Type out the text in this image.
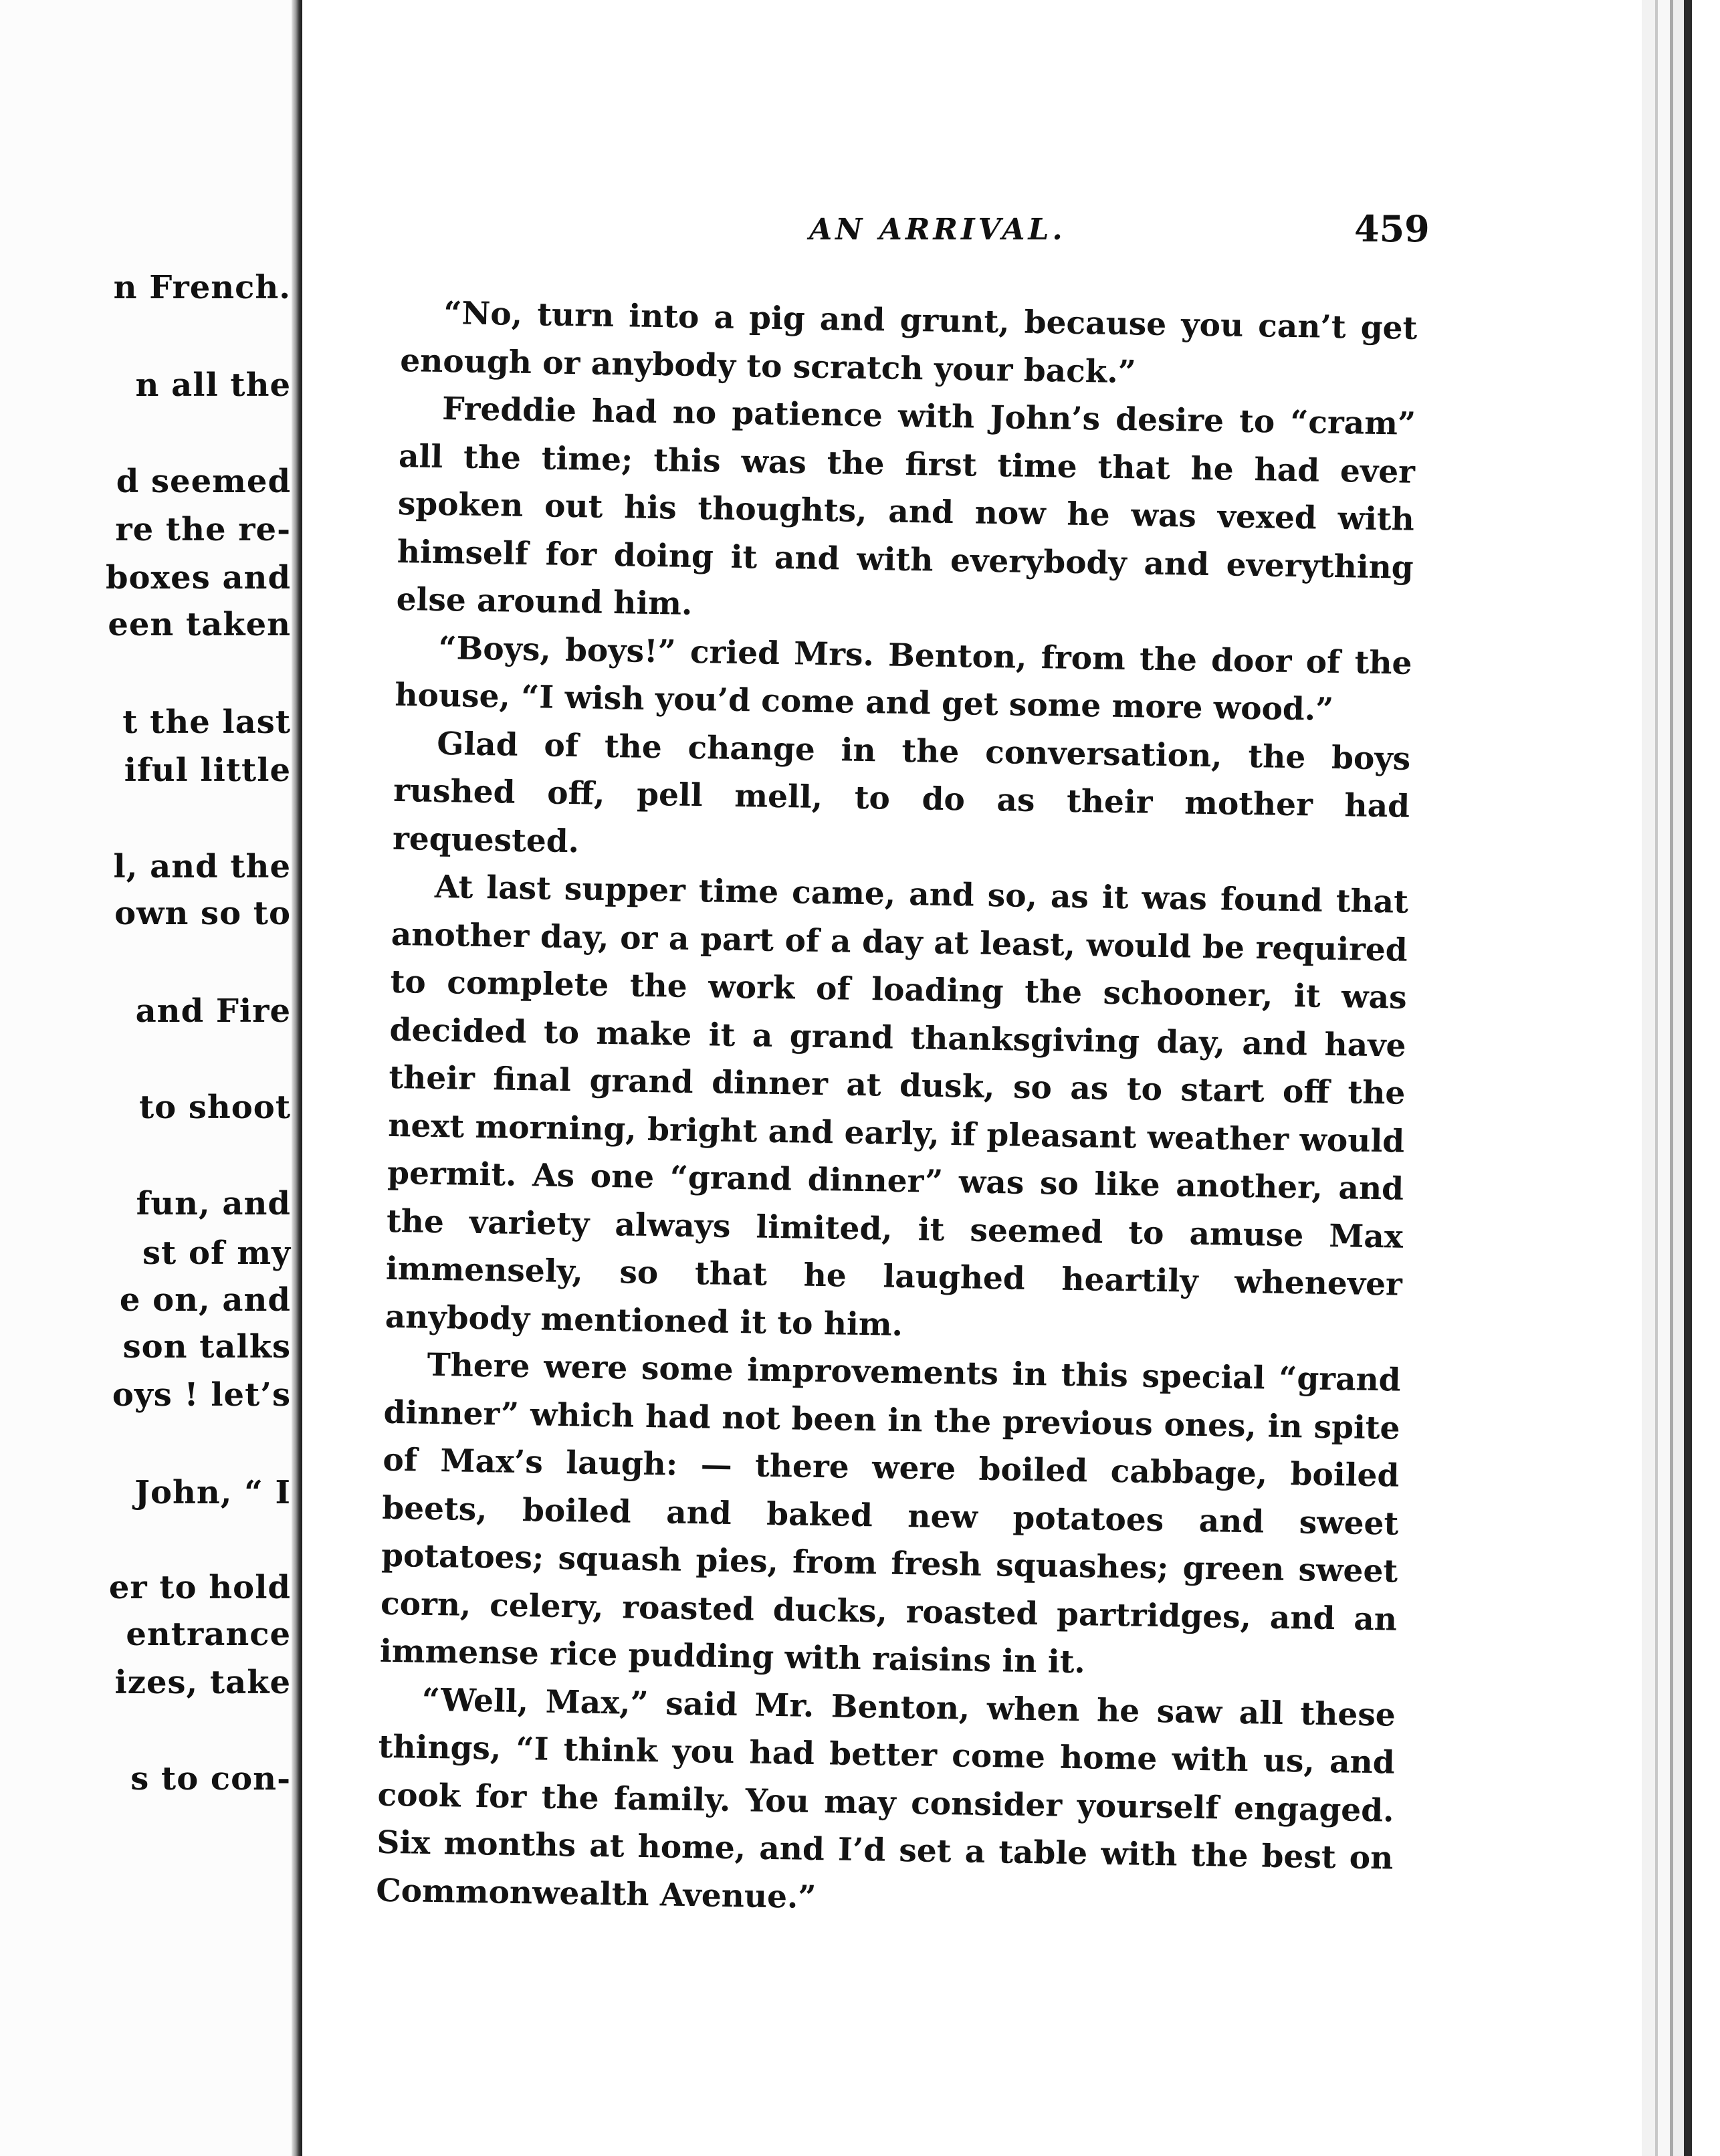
n French.
n all the
d seemed
re the re-
boxes and
een taken
t the last
iful little
l, and the
own so to
and Fire
to shoot
fun, and
st of my
e on, and
son talks
oys ! let’s
John, “ I
er to hold
entrance
izes, take
s to con-
AN ARRIVAL.	459

“No, turn into a pig and grunt, because you can’t get enough or anybody to scratch your back.”

Freddie had no patience with John’s desire to “cram” all the time; this was the first time that he had ever spoken out his thoughts, and now he was vexed with himself for doing it and with everybody and everything else around him.

“Boys, boys!” cried Mrs. Benton, from the door of the house, “I wish you’d come and get some more wood.”

Glad of the change in the conversation, the boys rushed off, pell mell, to do as their mother had requested.

At last supper time came, and so, as it was found that another day, or a part of a day at least, would be required to complete the work of loading the schooner, it was decided to make it a grand thanksgiving day, and have their final grand dinner at dusk, so as to start off the next morning, bright and early, if pleasant weather would permit. As one “grand dinner” was so like another, and the variety always limited, it seemed to amuse Max immensely, so that he laughed heartily whenever anybody mentioned it to him.

There were some improvements in this special “grand dinner” which had not been in the previous ones, in spite of Max’s laugh: — there were boiled cabbage, boiled beets, boiled and baked new potatoes and sweet potatoes; squash pies, from fresh squashes; green sweet corn, celery, roasted ducks, roasted partridges, and an immense rice pudding with raisins in it.

“Well, Max,” said Mr. Benton, when he saw all these things, “I think you had better come home with us, and cook for the family. You may consider yourself engaged. Six months at home, and I’d set a table with the best on Commonwealth Avenue.”
